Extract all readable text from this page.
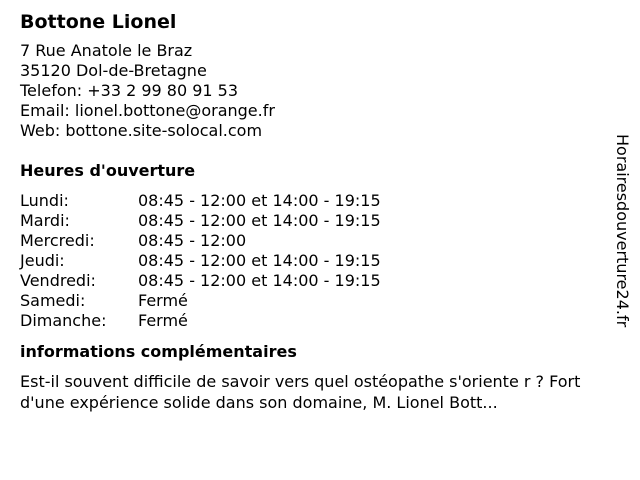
Bottone Lionel
7 Rue Anatole le Braz
35120 Dol-de-Bretagne
Telefon: +33 2 99 80 91 53
Email: lionel.bottone@orange.fr
Web: bottone.site-solocal.com
Heures d'ouverture
Lundi:	08:45 - 12:00 et 14:00 - 19:15
Mardi:	08:45 - 12:00 et 14:00 - 19:15
Mercredi:	08:45 - 12:00
Jeudi:	08:45 - 12:00 et 14:00 - 19:15
Vendredi:	08:45 - 12:00 et 14:00 - 19:15
Samedi:	Fermé
Dimanche:	Fermé
informations complémentaires
Est-il souvent difficile de savoir vers quel ostéopathe s'oriente r ? Fort d'une expérience solide dans son domaine, M. Lionel Bott...
Horairesdouverture24.fr
